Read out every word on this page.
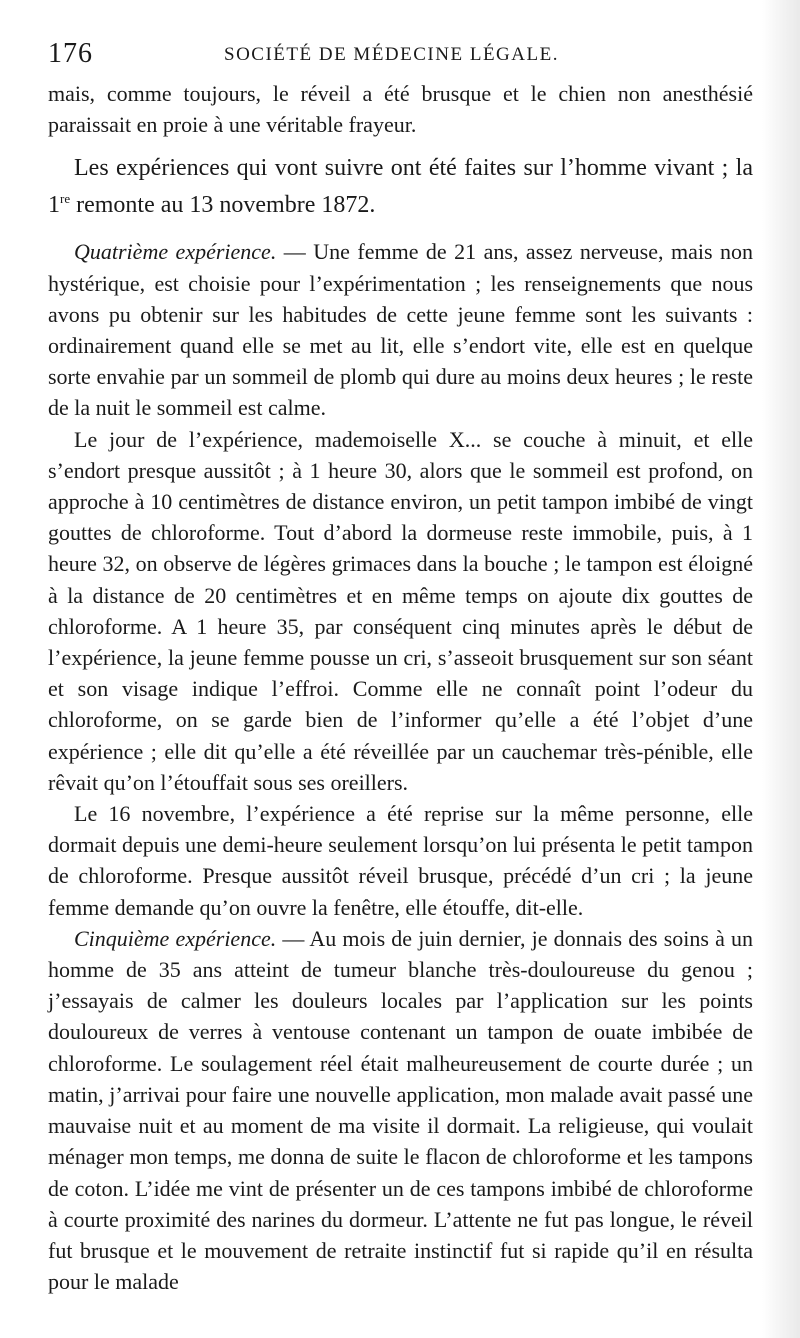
176	SOCIÉTÉ DE MÉDECINE LÉGALE.

mais, comme toujours, le réveil a été brusque et le chien non anesthésié paraissait en proie à une véritable frayeur.

Les expériences qui vont suivre ont été faites sur l’homme vivant ; la 1re remonte au 13 novembre 1872.

Quatrième expérience. — Une femme de 21 ans, assez nerveuse, mais non hystérique, est choisie pour l’expérimentation ; les renseignements que nous avons pu obtenir sur les habitudes de cette jeune femme sont les suivants : ordinairement quand elle se met au lit, elle s’endort vite, elle est en quelque sorte envahie par un sommeil de plomb qui dure au moins deux heures ; le reste de la nuit le sommeil est calme.

Le jour de l’expérience, mademoiselle X... se couche à minuit, et elle s’endort presque aussitôt ; à 1 heure 30, alors que le sommeil est profond, on approche à 10 centimètres de distance environ, un petit tampon imbibé de vingt gouttes de chloroforme. Tout d’abord la dormeuse reste immobile, puis, à 1 heure 32, on observe de légères grimaces dans la bouche ; le tampon est éloigné à la distance de 20 centimètres et en même temps on ajoute dix gouttes de chloroforme. A 1 heure 35, par conséquent cinq minutes après le début de l’expérience, la jeune femme pousse un cri, s’asseoit brusquement sur son séant et son visage indique l’effroi. Comme elle ne connaît point l’odeur du chloroforme, on se garde bien de l’informer qu’elle a été l’objet d’une expérience ; elle dit qu’elle a été réveillée par un cauchemar très-pénible, elle rêvait qu’on l’étouffait sous ses oreillers.

Le 16 novembre, l’expérience a été reprise sur la même personne, elle dormait depuis une demi-heure seulement lorsqu’on lui présenta le petit tampon de chloroforme. Presque aussitôt réveil brusque, précédé d’un cri ; la jeune femme demande qu’on ouvre la fenêtre, elle étouffe, dit-elle.

Cinquième expérience. — Au mois de juin dernier, je donnais des soins à un homme de 35 ans atteint de tumeur blanche très-douloureuse du genou ; j’essayais de calmer les douleurs locales par l’application sur les points douloureux de verres à ventouse contenant un tampon de ouate imbibée de chloroforme. Le soulagement réel était malheureusement de courte durée ; un matin, j’arrivai pour faire une nouvelle application, mon malade avait passé une mauvaise nuit et au moment de ma visite il dormait. La religieuse, qui voulait ménager mon temps, me donna de suite le flacon de chloroforme et les tampons de coton. L’idée me vint de présenter un de ces tampons imbibé de chloroforme à courte proximité des narines du dormeur. L’attente ne fut pas longue, le réveil fut brusque et le mouvement de retraite instinctif fut si rapide qu’il en résulta pour le malade
